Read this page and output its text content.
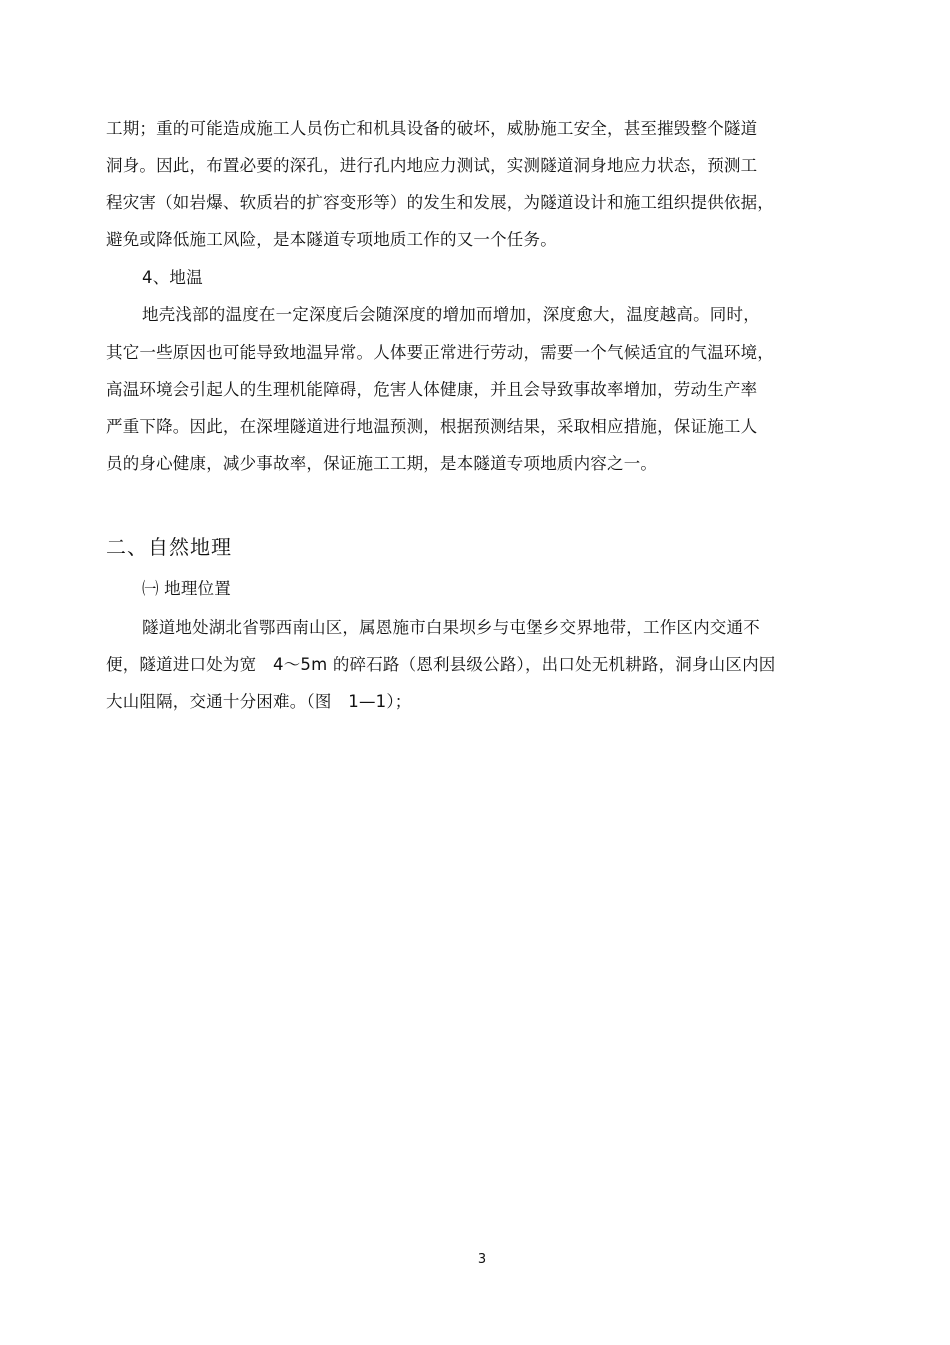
工期；重的可能造成施工人员伤亡和机具设备的破坏，威胁施工安全，甚至摧毁整个隧道
洞身。因此，布置必要的深孔，进行孔内地应力测试，实测隧道洞身地应力状态，预测工
程灾害（如岩爆、软质岩的扩容变形等）的发生和发展，为隧道设计和施工组织提供依据，
避免或降低施工风险，是本隧道专项地质工作的又一个任务。
4、地温
地壳浅部的温度在一定深度后会随深度的增加而增加，深度愈大，温度越高。同时，
其它一些原因也可能导致地温异常。人体要正常进行劳动，需要一个气候适宜的气温环境，
高温环境会引起人的生理机能障碍，危害人体健康，并且会导致事故率增加，劳动生产率
严重下降。因此，在深埋隧道进行地温预测，根据预测结果，采取相应措施，保证施工人
员的身心健康，减少事故率，保证施工工期，是本隧道专项地质内容之一。
二、自然地理
㈠ 地理位置
隧道地处湖北省鄂西南山区，属恩施市白果坝乡与屯堡乡交界地带，工作区内交通不
便，隧道进口处为宽　4～5m 的碎石路（恩利县级公路），出口处无机耕路，洞身山区内因
大山阻隔，交通十分困难。（图　1—1）；
3
